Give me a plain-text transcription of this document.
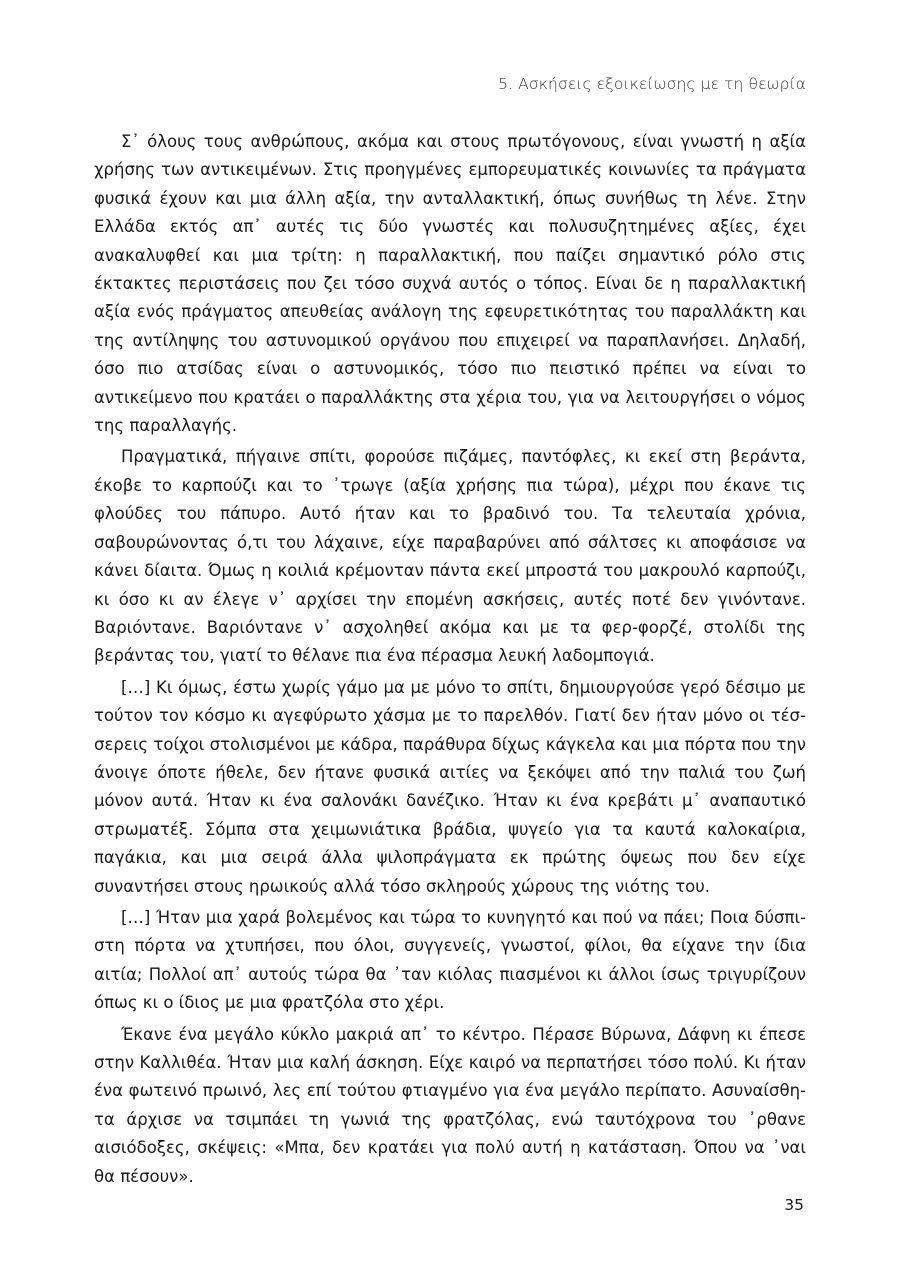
5. Ασκήσεις εξοικείωσης με τη θεωρία

Σ᾿ όλους τους ανθρώπους, ακόμα και στους πρωτόγονους, είναι γνωστή η αξία χρήσης των αντικειμένων. Στις προηγμένες εμπορευματικές κοινωνίες τα πράγματα φυσικά έχουν και μια άλλη αξία, την ανταλλακτική, όπως συνήθως τη λένε. Στην Ελλάδα εκτός απ᾿ αυτές τις δύο γνωστές και πολυσυζητημένες αξίες, έχει ανακαλυφθεί και μια τρίτη: η παραλλακτική, που παίζει σημαντικό ρόλο στις έκτακτες περιστάσεις που ζει τόσο συχνά αυτός ο τόπος. Είναι δε η παραλλακτική αξία ενός πράγματος απευθείας ανάλογη της εφευρετικότητας του παραλλάκτη και της αντίληψης του αστυνομικού οργάνου που επιχειρεί να παραπλανήσει. Δηλαδή, όσο πιο ατσίδας είναι ο αστυνομικός, τόσο πιο πειστικό πρέπει να είναι το αντικείμενο που κρατάει ο παραλλάκτης στα χέρια του, για να λειτουργήσει ο νόμος της παραλλαγής.

Πραγματικά, πήγαινε σπίτι, φορούσε πιζάμες, παντόφλες, κι εκεί στη βεράντα, έκοβε το καρπούζι και το ᾿τρωγε (αξία χρήσης πια τώρα), μέχρι που έκανε τις φλούδες του πάπυρο. Αυτό ήταν και το βραδινό του. Τα τελευταία χρόνια, σαβουρώνοντας ό,τι του λάχαινε, είχε παραβαρύνει από σάλτσες κι αποφάσισε να κάνει δίαιτα. Όμως η κοιλιά κρέμονταν πάντα εκεί μπροστά του μακρουλό καρπούζι, κι όσο κι αν έλεγε ν᾿ αρχίσει την επομένη ασκήσεις, αυτές ποτέ δεν γινόντανε. Βαριόντανε. Βαριόντανε ν᾿ ασχοληθεί ακόμα και με τα φερ-φορζέ, στολίδι της βεράντας του, γιατί το θέλανε πια ένα πέρασμα λευκή λαδομπογιά.

[…] Κι όμως, έστω χωρίς γάμο μα με μόνο το σπίτι, δημιουργούσε γερό δέσιμο με τούτον τον κόσμο κι αγεφύρωτο χάσμα με το παρελθόν. Γιατί δεν ήταν μόνο οι τέσσερεις τοίχοι στολισμένοι με κάδρα, παράθυρα δίχως κάγκελα και μια πόρτα που την άνοιγε όποτε ήθελε, δεν ήτανε φυσικά αιτίες να ξεκόψει από την παλιά του ζωή μόνον αυτά. Ήταν κι ένα σαλονάκι δανέζικο. Ήταν κι ένα κρεβάτι μ᾿ αναπαυτικό στρωματέξ. Σόμπα στα χειμωνιάτικα βράδια, ψυγείο για τα καυτά καλοκαίρια, παγάκια, και μια σειρά άλλα ψιλοπράγματα εκ πρώτης όψεως που δεν είχε συναντήσει στους ηρωικούς αλλά τόσο σκληρούς χώρους της νιότης του.

[…] Ήταν μια χαρά βολεμένος και τώρα το κυνηγητό και πού να πάει; Ποια δύσπιστη πόρτα να χτυπήσει, που όλοι, συγγενείς, γνωστοί, φίλοι, θα είχανε την ίδια αιτία; Πολλοί απ᾿ αυτούς τώρα θα ᾿ταν κιόλας πιασμένοι κι άλλοι ίσως τριγυρίζουν όπως κι ο ίδιος με μια φρατζόλα στο χέρι.

Έκανε ένα μεγάλο κύκλο μακριά απ᾿ το κέντρο. Πέρασε Βύρωνα, Δάφνη κι έπεσε στην Καλλιθέα. Ήταν μια καλή άσκηση. Είχε καιρό να περπατήσει τόσο πολύ. Κι ήταν ένα φωτεινό πρωινό, λες επί τούτου φτιαγμένο για ένα μεγάλο περίπατο. Ασυναίσθητα άρχισε να τσιμπάει τη γωνιά της φρατζόλας, ενώ ταυτόχρονα του ᾿ρθανε αισιόδοξες, σκέψεις: «Μπα, δεν κρατάει για πολύ αυτή η κατάσταση. Όπου να ᾿ναι θα πέσουν».

35
